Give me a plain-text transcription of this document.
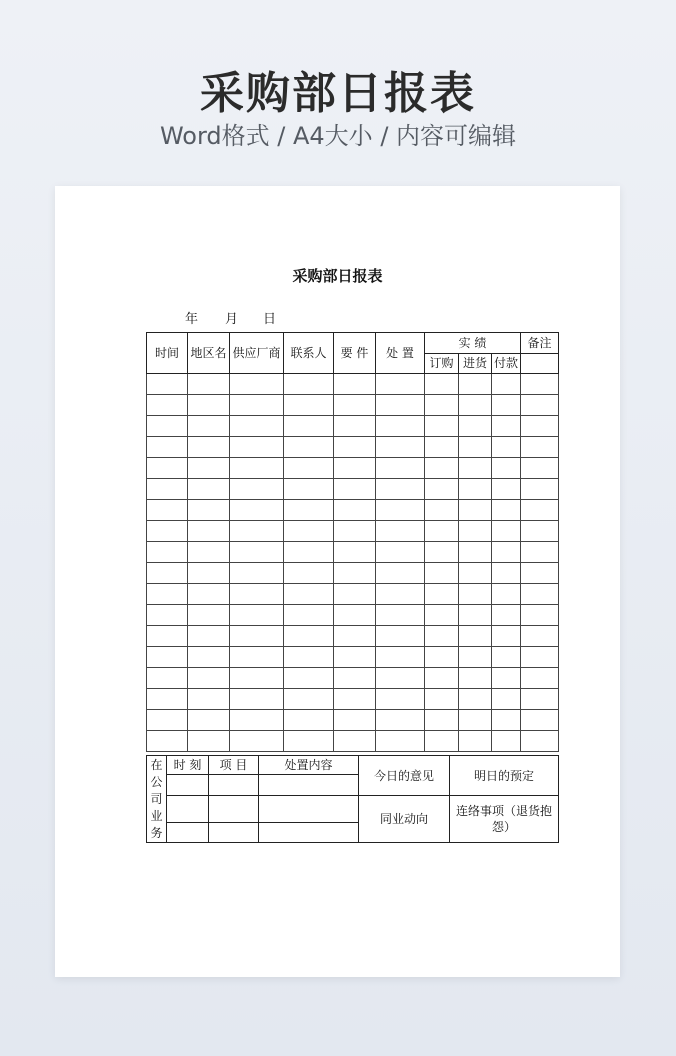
采购部日报表
Word格式 / A4大小 / 内容可编辑
采购部日报表
年 月 日
时间	地区名	供应厂商	联系人	要 件	处 置	实 绩			备注
						订购	进货	付款	

在公司业务	时 刻	项 目	处置内容	今日的意见	明日的预定

				同业动向	连络事项（退货抱怨）
